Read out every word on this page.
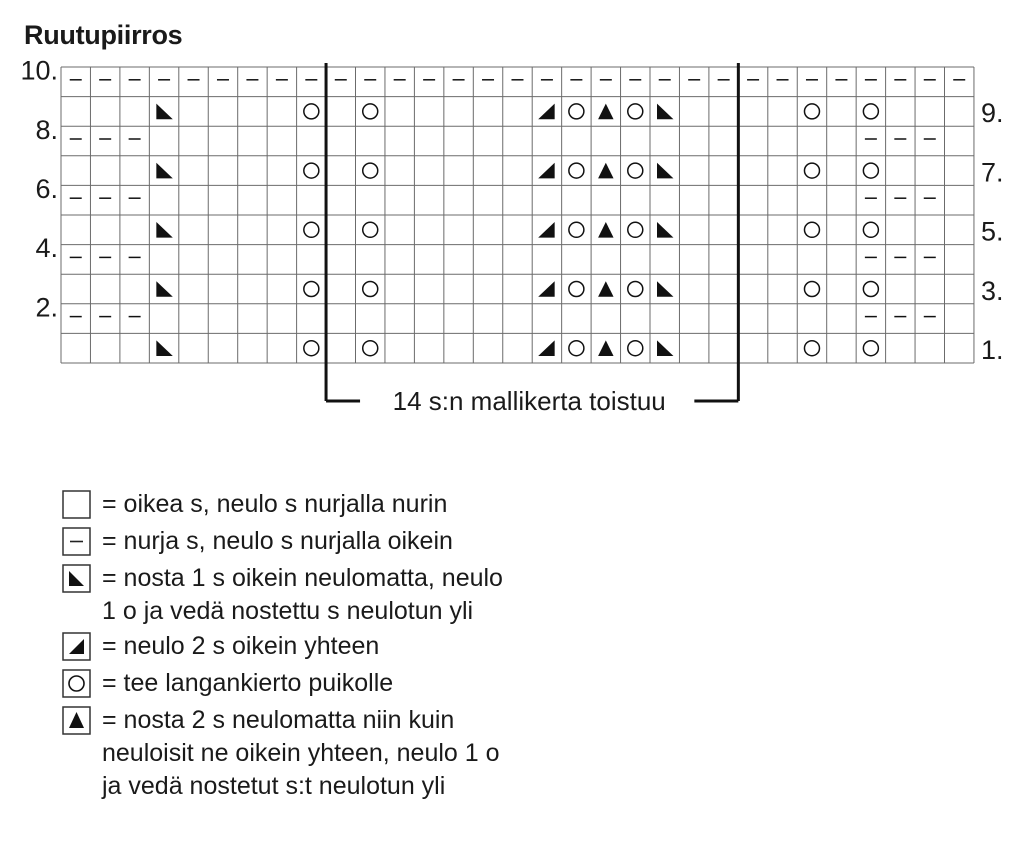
Ruutupiirros
10.
9.
8.
7.
6.
5.
4.
3.
2.
1.
14 s:n mallikerta toistuu
= oikea s, neulo s nurjalla nurin
= nurja s, neulo s nurjalla oikein
= nosta 1 s oikein neulomatta, neulo
1 o ja vedä nostettu s neulotun yli
= neulo 2 s oikein yhteen
= tee langankierto puikolle
= nosta 2 s neulomatta niin kuin
neuloisit ne oikein yhteen, neulo 1 o
ja vedä nostetut s:t neulotun yli
